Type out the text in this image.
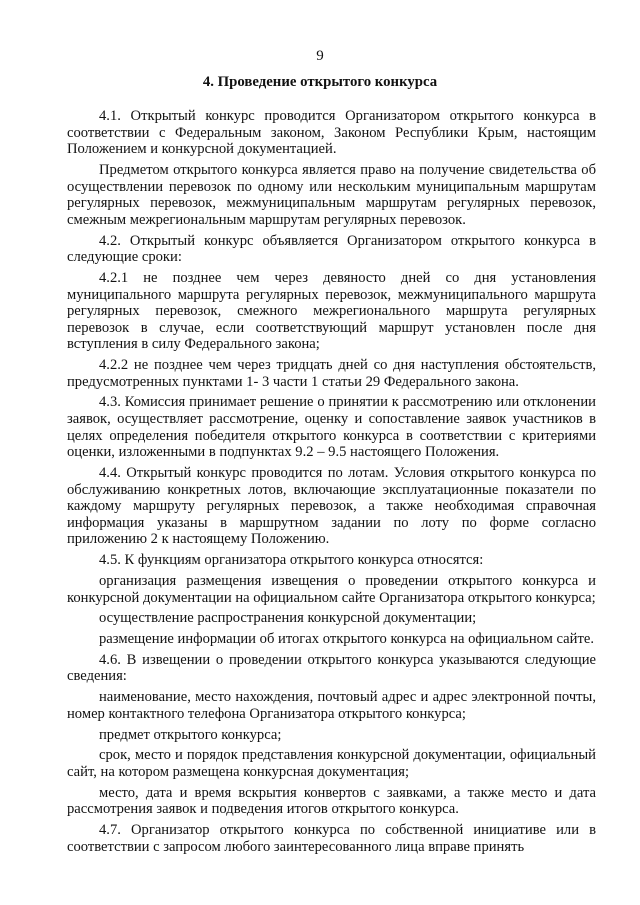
9
4. Проведение открытого конкурса

4.1. Открытый конкурс проводится Организатором открытого конкурса в соответствии с Федеральным законом, Законом Республики Крым, настоящим Положением и конкурсной документацией.

Предметом открытого конкурса является право на получение свидетельства об осуществлении перевозок по одному или нескольким муниципальным маршрутам регулярных перевозок, межмуниципальным маршрутам регулярных перевозок, смежным межрегиональным маршрутам регулярных перевозок.

4.2. Открытый конкурс объявляется Организатором открытого конкурса в следующие сроки:

4.2.1 не позднее чем через девяносто дней со дня установления муниципального маршрута регулярных перевозок, межмуниципального маршрута регулярных перевозок, смежного межрегионального маршрута регулярных перевозок в случае, если соответствующий маршрут установлен после дня вступления в силу Федерального закона;

4.2.2 не позднее чем через тридцать дней со дня наступления обстоятельств, предусмотренных пунктами 1- 3 части 1 статьи 29 Федерального закона.

4.3. Комиссия принимает решение о принятии к рассмотрению или отклонении заявок, осуществляет рассмотрение, оценку и сопоставление заявок участников в целях определения победителя открытого конкурса в соответствии с критериями оценки, изложенными в подпунктах 9.2 – 9.5 настоящего Положения.

4.4. Открытый конкурс проводится по лотам. Условия открытого конкурса по обслуживанию конкретных лотов, включающие эксплуатационные показатели по каждому маршруту регулярных перевозок, а также необходимая справочная информация указаны в маршрутном задании по лоту по форме согласно приложению 2 к настоящему Положению.

4.5. К функциям организатора открытого конкурса относятся:

организация размещения извещения о проведении открытого конкурса и конкурсной документации на официальном сайте Организатора открытого конкурса;

осуществление распространения конкурсной документации;

размещение информации об итогах открытого конкурса на официальном сайте.

4.6. В извещении о проведении открытого конкурса указываются следующие сведения:

наименование, место нахождения, почтовый адрес и адрес электронной почты, номер контактного телефона Организатора открытого конкурса;

предмет открытого конкурса;

срок, место и порядок представления конкурсной документации, официальный сайт, на котором размещена конкурсная документация;

место, дата и время вскрытия конвертов с заявками, а также место и дата рассмотрения заявок и подведения итогов открытого конкурса.

4.7. Организатор открытого конкурса по собственной инициативе или в соответствии с запросом любого заинтересованного лица вправе принять
